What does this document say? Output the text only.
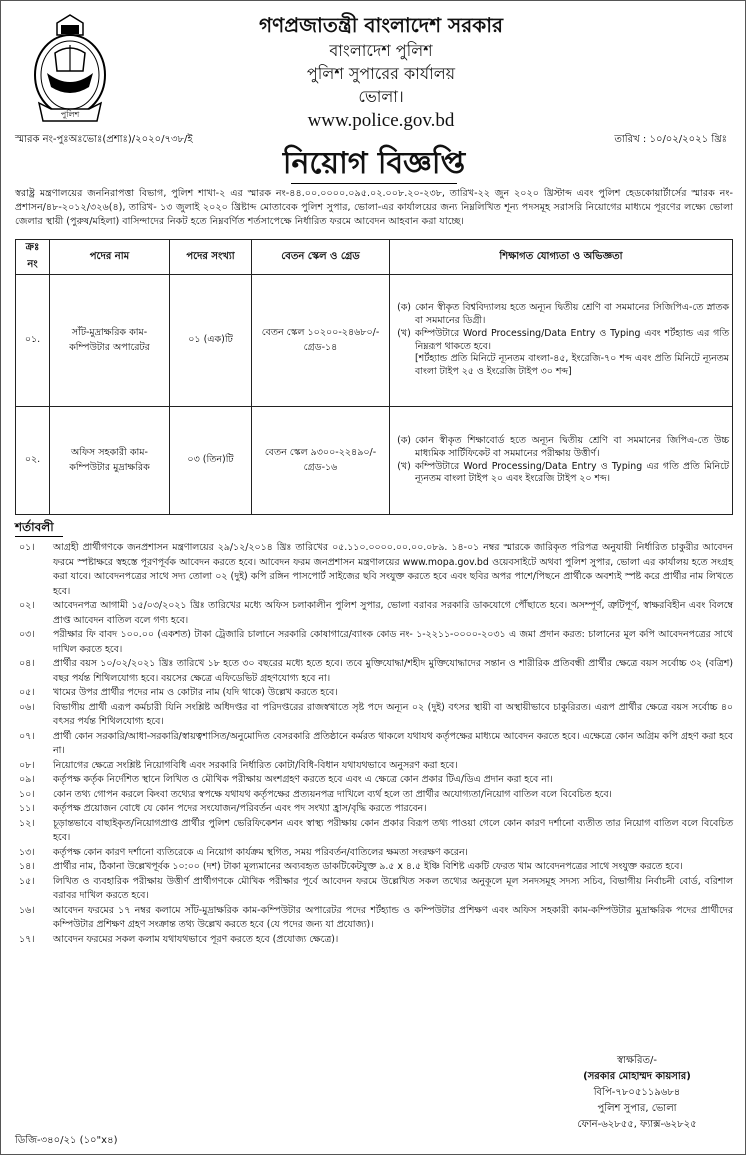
পুলিশ
গণপ্রজাতন্ত্রী বাংলাদেশ সরকার
বাংলাদেশ পুলিশ
পুলিশ সুপারের কার্যালয়
ভোলা।
www.police.gov.bd
স্মারক নং-পুঃঅঃভোঃ(প্রশাঃ)/২০২০/৭৩৮/ই	তারিখ : ১০/০২/২০২১ খ্রিঃ
নিয়োগ বিজ্ঞপ্তি
স্বরাষ্ট্র মন্ত্রণালয়ের জননিরাপত্তা বিভাগ, পুলিশ শাখা-২ এর স্মারক নং-৪৪.০০.০০০০.০৯৫.০২.০০৮.২০-২৩৮, তারিখ-২২ জুন ২০২০ খ্রিস্টাব্দ এবং পুলিশ হেডকোয়ার্টার্সের স্মারক নং- প্রশাসন/৪৮-২০১২/৩২৬(৪), তারিখ- ১৩ জুলাই ২০২০ খ্রিষ্টাব্দ মোতাবেক পুলিশ সুপার, ভোলা-এর কার্যালয়ের জন্য নিম্নলিখিত শূন্য পদসমূহ সরাসরি নিয়োগের মাধ্যমে পূরণের লক্ষ্যে ভোলা জেলার স্থায়ী (পুরুষ/মহিলা) বাসিন্দাদের নিকট হতে নিম্নবর্ণিত শর্তসাপেক্ষে নির্ধারিত ফরমে আবেদন আহবান করা যাচ্ছে।
ক্রঃ নং	পদের নাম	পদের সংখ্যা	বেতন স্কেল ও গ্রেড	শিক্ষাগত যোগ্যতা ও অভিজ্ঞতা
০১.	সাঁট-মুদ্রাক্ষরিক কাম-কম্পিউটার অপারেটর	০১ (এক)টি	বেতন স্কেল ১০২০০-২৪৬৮০/- গ্রেড-১৪	(ক) কোন স্বীকৃত বিশ্ববিদ্যালয় হতে অন্যূন দ্বিতীয় শ্রেণি বা সমমানের সিজিপিএ-তে স্নাতক বা সমমানের ডিগ্রী।
(খ) কম্পিউটারে Word Processing/Data Entry ও Typing এবং শর্টহ্যান্ড এর গতি নিম্নরূপ থাকতে হবে।
[শর্টহ্যান্ড প্রতি মিনিটে ন্যূনতম বাংলা-৪৫, ইংরেজি-৭০ শব্দ এবং প্রতি মিনিটে ন্যূনতম বাংলা টাইপ ২৫ ও ইংরেজি টাইপ ৩০ শব্দ]

০২.	অফিস সহকারী কাম-কম্পিউটার মুদ্রাক্ষরিক	০৩ (তিন)টি	বেতন স্কেল ৯৩০০-২২৪৯০/- গ্রেড-১৬	(ক) কোন স্বীকৃত শিক্ষাবোর্ড হতে অন্যূন দ্বিতীয় শ্রেণি বা সমমানের জিপিএ-তে উচ্চ মাধ্যমিক সার্টিফিকেট বা সমমানের পরীক্ষায় উত্তীর্ণ।
(খ) কম্পিউটারে Word Processing/Data Entry ও Typing এর গতি প্রতি মিনিটে ন্যূনতম বাংলা টাইপ ২০ এবং ইংরেজি টাইপ ২০ শব্দ।
শর্তাবলী
০১।	আগ্রহী প্রার্থীগণকে জনপ্রশাসন মন্ত্রণালয়ের ২৯/১২/২০১৪ খ্রিঃ তারিখের ০৫.১১০.০০০০.০০.০০.০৮৯. ১৪-০১ নম্বর স্মারকে জারিকৃত পরিপত্র অনুযায়ী নির্ধারিত চাকুরীর আবেদন ফরমে স্পষ্টাক্ষরে স্বহস্তে পূরণপূর্বক আবেদন করতে হবে। আবেদন ফরম জনপ্রশাসন মন্ত্রণালয়ের www.mopa.gov.bd ওয়েবসাইটে অথবা পুলিশ সুপার, ভোলা এর কার্যালয় হতে সংগ্রহ করা যাবে। আবেদনপত্রের সাথে সদ্য তোলা ০২ (দুই) কপি রঙ্গিন পাসপোর্ট সাইজের ছবি সংযুক্ত করতে হবে এবং ছবির অপর পাশে/পিছনে প্রার্থীকে অবশ্যই স্পষ্ট করে প্রার্থীর নাম লিখতে হবে।
০২।	আবেদনপত্র আগামী ১৫/০৩/২০২১ খ্রিঃ তারিখের মধ্যে অফিস চলাকালীন পুলিশ সুপার, ভোলা বরাবর সরকারি ডাকযোগে পৌঁছাতে হবে। অসম্পূর্ণ, ত্রুটিপূর্ণ, স্বাক্ষরবিহীন এবং বিলম্বে প্রাপ্ত আবেদন বাতিল বলে গণ্য হবে।
০৩।	পরীক্ষার ফি বাবদ ১০০.০০ (একশত) টাকা ট্রেজারি চালানে সরকারি কোষাগারে/ব্যাংক কোড নং- ১-২২১১-০০০০-২০৩১ এ জমা প্রদান করত: চালানের মূল কপি আবেদনপত্রের সাথে দাখিল করতে হবে।
০৪।	প্রার্থীর বয়স ১০/০২/২০২১ খ্রিঃ তারিখে ১৮ হতে ৩০ বছরের মধ্যে হতে হবে। তবে মুক্তিযোদ্ধা/শহীদ মুক্তিযোদ্ধাদের সন্তান ও শারীরিক প্রতিবন্ধী প্রার্থীর ক্ষেত্রে বয়স সর্বোচ্চ ৩২ (বত্রিশ) বছর পর্যন্ত শিথিলযোগ্য হবে। বয়সের ক্ষেত্রে এফিডেভিট গ্রহণযোগ্য হবে না।
০৫।	খামের উপর প্রার্থীর পদের নাম ও কোটার নাম (যদি থাকে) উল্লেখ করতে হবে।
০৬।	বিভাগীয় প্রার্থী এরূপ কর্মচারী যিনি সংশ্লিষ্ট অধিদপ্তর বা পরিদপ্তরের রাজস্বখাতে সৃষ্ট পদে অন্যূন ০২ (দুই) বৎসর স্থায়ী বা অস্থায়ীভাবে চাকুরিরত। এরূপ প্রার্থীর ক্ষেত্রে বয়স সর্বোচ্চ ৪০ বৎসর পর্যন্ত শিথিলযোগ্য হবে।
০৭।	প্রার্থী কোন সরকারি/আধা-সরকারি/স্বায়ত্বশাসিত/অনুমোদিত বেসরকারি প্রতিষ্ঠানে কর্মরত থাকলে যথাযথ কর্তৃপক্ষের মাধ্যমে আবেদন করতে হবে। এক্ষেত্রে কোন অগ্রিম কপি গ্রহণ করা হবে না।
০৮।	নিয়োগের ক্ষেত্রে সংশ্লিষ্ট নিয়োগবিধি এবং সরকারি নির্ধারিত কোটা/বিধি-বিধান যথাযথভাবে অনুসরণ করা হবে।
০৯।	কর্তৃপক্ষ কর্তৃক নির্দেশিত স্থানে লিখিত ও মৌখিক পরীক্ষায় অংশগ্রহণ করতে হবে এবং এ ক্ষেত্রে কোন প্রকার টিএ/ডিএ প্রদান করা হবে না।
১০।	কোন তথ্য গোপন করলে কিংবা তথ্যের স্বপক্ষে যথাযথ কর্তৃপক্ষের প্রত্যয়নপত্র দাখিলে ব্যর্থ হলে তা প্রার্থীর অযোগ্যতা/নিয়োগ বাতিল বলে বিবেচিত হবে।
১১।	কর্তৃপক্ষ প্রয়োজন বোধে যে কোন পদের সংযোজন/পরিবর্তন এবং পদ সংখ্যা হ্রাস/বৃদ্ধি করতে পারবেন।
১২।	চূড়ান্তভাবে বাছাইকৃত/নিয়োগপ্রাপ্ত প্রার্থীর পুলিশ ভেরিফিকেশন এবং স্বাস্থ্য পরীক্ষায় কোন প্রকার বিরূপ তথ্য পাওয়া গেলে কোন কারণ দর্শানো ব্যতীত তার নিয়োগ বাতিল বলে বিবেচিত হবে।
১৩।	কর্তৃপক্ষ কোন কারণ দর্শানো ব্যতিরেকে এ নিয়োগ কার্যক্রম স্থগিত, সময় পরিবর্তন/বাতিলের ক্ষমতা সংরক্ষণ করেন।
১৪।	প্রার্থীর নাম, ঠিকানা উল্লেখপূর্বক ১০:০০ (দশ) টাকা মূল্যমানের অব্যবহৃত ডাকটিকেটযুক্ত ৯.৫ x ৪.৫ ইঞ্চি বিশিষ্ট একটি ফেরত খাম আবেদনপত্রের সাথে সংযুক্ত করতে হবে।
১৫।	লিখিত ও ব্যবহারিক পরীক্ষায় উত্তীর্ণ প্রার্থীগণকে মৌখিক পরীক্ষার পূর্বে আবেদন ফরমে উল্লেখিত সকল তথ্যের অনুকূলে মূল সনদসমূহ সদস্য সচিব, বিভাগীয় নির্বাচনী বোর্ড, বরিশাল বরাবর দাখিল করতে হবে।
১৬।	আবেদন ফরমের ১৭ নম্বর কলামে সাঁট-মুদ্রাক্ষরিক কাম-কম্পিউটার অপারেটর পদের শর্টহ্যান্ড ও কম্পিউটার প্রশিক্ষণ এবং অফিস সহকারী কাম-কম্পিউটার মুদ্রাক্ষরিক পদের প্রার্থীদের কম্পিউটার প্রশিক্ষণ গ্রহণ সংক্রান্ত তথ্য উল্লেখ করতে হবে (যে পদের জন্য যা প্রযোজ্য)।
১৭।	আবেদন ফরমের সকল কলাম যথাযথভাবে পূরণ করতে হবে (প্রযোজ্য ক্ষেত্রে)।
স্বাক্ষরিত/-
(সরকার মোহাম্মদ কায়সার)
বিপি-৭৮০৫১১৯৬৮৪
পুলিশ সুপার, ভোলা
ফোন-৬২৮৫৫, ফ্যাক্স-৬২৮২৫
ডিজি-৩৪০/২১ (১০"x৪)
